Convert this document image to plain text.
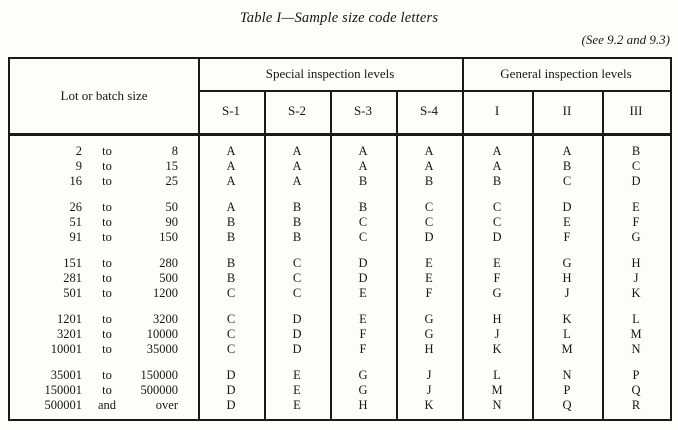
Table I—Sample size code letters
(See 9.2 and 9.3)
Lot or batch size
Special inspection levels	General inspection levels
S-1	S-2	S-3	S-4	I	II	III
2	to	8	A	A	A	A	A	A	B
9	to	15	A	A	A	A	A	B	C
16	to	25	A	A	B	B	B	C	D
26	to	50	A	B	B	C	C	D	E
51	to	90	B	B	C	C	C	E	F
91	to	150	B	B	C	D	D	F	G
151	to	280	B	C	D	E	E	G	H
281	to	500	B	C	D	E	F	H	J
501	to	1200	C	C	E	F	G	J	K
1201	to	3200	C	D	E	G	H	K	L
3201	to	10000	C	D	F	G	J	L	M
10001	to	35000	C	D	F	H	K	M	N
35001	to	150000	D	E	G	J	L	N	P
150001	to	500000	D	E	G	J	M	P	Q
500001	and	over	D	E	H	K	N	Q	R
